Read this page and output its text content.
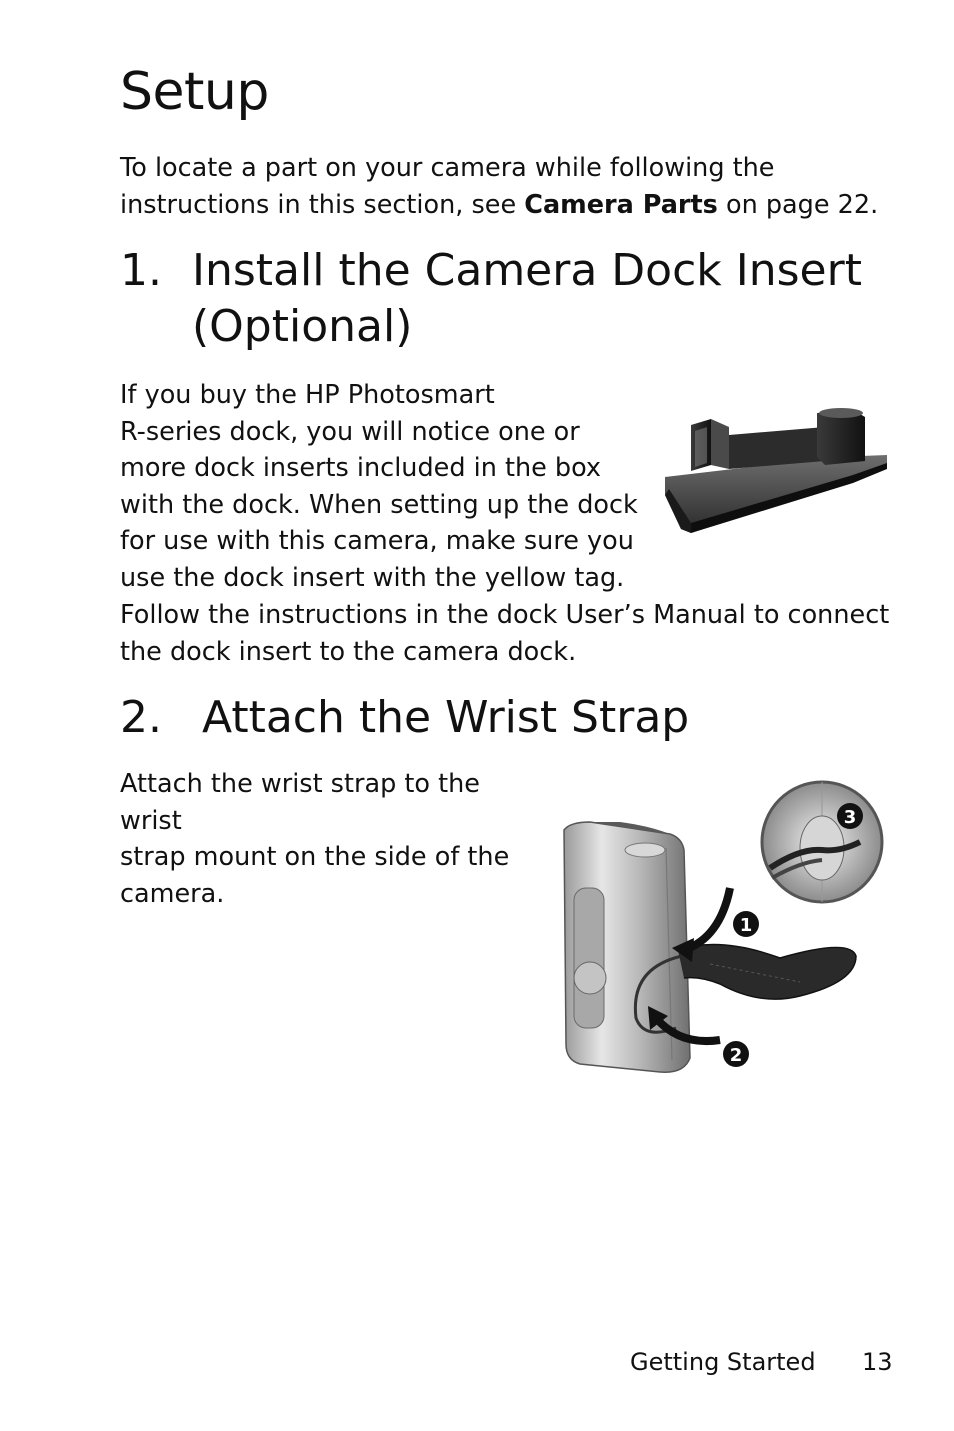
Setup

To locate a part on your camera while following the instructions in this section, see Camera Parts on page 22.

1. Install the Camera Dock Insert
(Optional)

If you buy the HP Photosmart
R-series dock, you will notice one or
more dock inserts included in the box
with the dock. When setting up the dock
for use with this camera, make sure you
use the dock insert with the yellow tag.

Follow the instructions in the dock User’s Manual to connect
the dock insert to the camera dock.

2. Attach the Wrist Strap

Attach the wrist strap to the wrist
strap mount on the side of the
camera.

1
2
3
Getting Started 13
